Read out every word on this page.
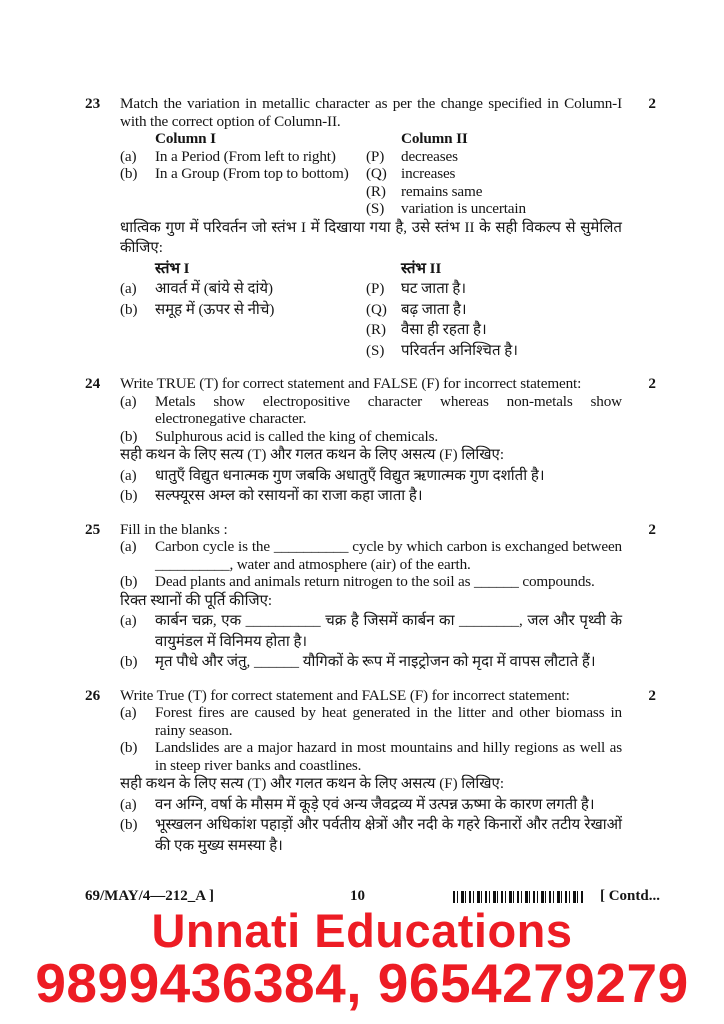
23	Match the variation in metallic character as per the change specified in Column-I with the correct option of Column-II.

Column I	Column II
(a)	In a Period (From left to right)	(P)	decreases
(b)	In a Group (From top to bottom)	(Q) increases
(R)	remains same
(S)	variation is uncertain

धात्विक गुण में परिवर्तन जो स्तंभ I में दिखाया गया है, उसे स्तंभ II के सही विकल्प से सुमेलित कीजिए:

स्तंभ I	स्तंभ II
(a)	आवर्त में (बांये से दांये)	(P)	घट जाता है।
(b)	समूह में (ऊपर से नीचे)	(Q) बढ़ जाता है।
(R)	वैसा ही रहता है।
(S)	परिवर्तन अनिश्चित है।
2
24	Write TRUE (T) for correct statement and FALSE (F) for incorrect statement:

(a)	Metals show electropositive character whereas non-metals show electronegative character.
(b)	Sulphurous acid is called the king of chemicals.

सही कथन के लिए सत्य (T) और गलत कथन के लिए असत्य (F) लिखिए:

(a)	धातुएँ विद्युत धनात्मक गुण जबकि अधातुएँ विद्युत ऋणात्मक गुण दर्शाती है।
(b)	सल्फ्यूरस अम्ल को रसायनों का राजा कहा जाता है।
2
25	Fill in the blanks :

(a)	Carbon cycle is the __________ cycle by which carbon is exchanged between __________, water and atmosphere (air) of the earth.
(b)	Dead plants and animals return nitrogen to the soil as ______ compounds.

रिक्त स्थानों की पूर्ति कीजिए:

(a)	कार्बन चक्र, एक __________ चक्र है जिसमें कार्बन का ________, जल और पृथ्वी के वायुमंडल में विनिमय होता है।
(b)	मृत पौधे और जंतु, ______ यौगिकों के रूप में नाइट्रोजन को मृदा में वापस लौटाते हैं।
2
26	Write True (T) for correct statement and FALSE (F) for incorrect statement:

(a)	Forest fires are caused by heat generated in the litter and other biomass in rainy season.
(b)	Landslides are a major hazard in most mountains and hilly regions as well as in steep river banks and coastlines.

सही कथन के लिए सत्य (T) और गलत कथन के लिए असत्य (F) लिखिए:

(a)	वन अग्नि, वर्षा के मौसम में कूड़े एवं अन्य जैवद्रव्य में उत्पन्न ऊष्मा के कारण लगती है।
(b)	भूस्खलन अधिकांश पहाड़ों और पर्वतीय क्षेत्रों और नदी के गहरे किनारों और तटीय रेखाओं की एक मुख्य समस्या है।
2
69/MAY/4—212_A ]	10	[ Contd...
Unnati Educations
9899436384, 9654279279
